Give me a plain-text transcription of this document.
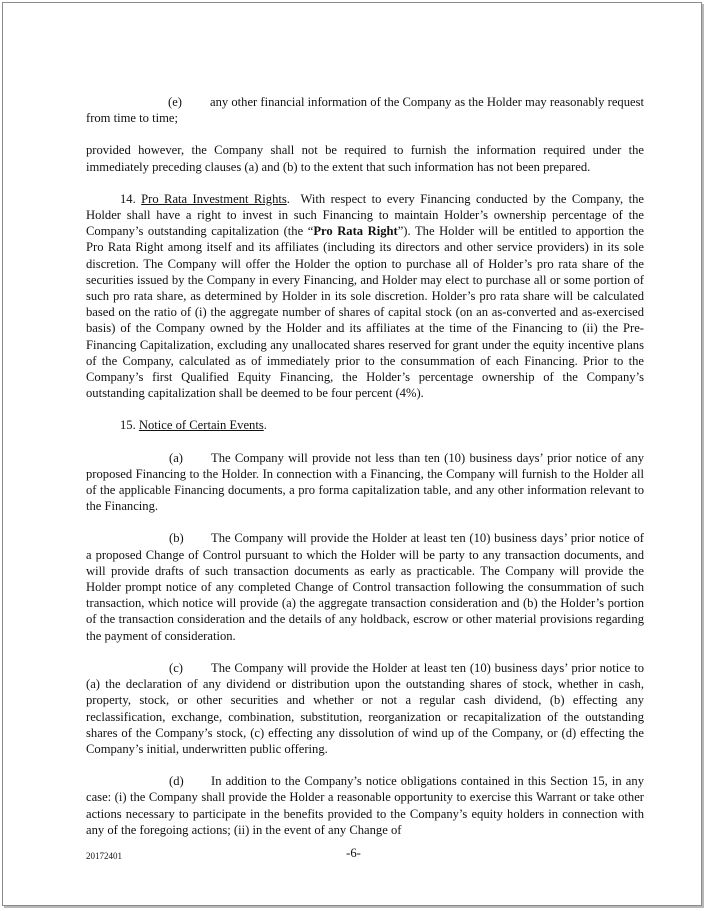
(e) any other financial information of the Company as the Holder may reasonably request from time to time;

provided however, the Company shall not be required to furnish the information required under the immediately preceding clauses (a) and (b) to the extent that such information has not been prepared.

14. Pro Rata Investment Rights. With respect to every Financing conducted by the Company, the Holder shall have a right to invest in such Financing to maintain Holder’s ownership percentage of the Company’s outstanding capitalization (the “Pro Rata Right”). The Holder will be entitled to apportion the Pro Rata Right among itself and its affiliates (including its directors and other service providers) in its sole discretion. The Company will offer the Holder the option to purchase all of Holder’s pro rata share of the securities issued by the Company in every Financing, and Holder may elect to purchase all or some portion of such pro rata share, as determined by Holder in its sole discretion. Holder’s pro rata share will be calculated based on the ratio of (i) the aggregate number of shares of capital stock (on an as-converted and as-exercised basis) of the Company owned by the Holder and its affiliates at the time of the Financing to (ii) the Pre-Financing Capitalization, excluding any unallocated shares reserved for grant under the equity incentive plans of the Company, calculated as of immediately prior to the consummation of each Financing. Prior to the Company’s first Qualified Equity Financing, the Holder’s percentage ownership of the Company’s outstanding capitalization shall be deemed to be four percent (4%).

15. Notice of Certain Events.

(a) The Company will provide not less than ten (10) business days’ prior notice of any proposed Financing to the Holder. In connection with a Financing, the Company will furnish to the Holder all of the applicable Financing documents, a pro forma capitalization table, and any other information relevant to the Financing.

(b) The Company will provide the Holder at least ten (10) business days’ prior notice of a proposed Change of Control pursuant to which the Holder will be party to any transaction documents, and will provide drafts of such transaction documents as early as practicable. The Company will provide the Holder prompt notice of any completed Change of Control transaction following the consummation of such transaction, which notice will provide (a) the aggregate transaction consideration and (b) the Holder’s portion of the transaction consideration and the details of any holdback, escrow or other material provisions regarding the payment of consideration.

(c) The Company will provide the Holder at least ten (10) business days’ prior notice to (a) the declaration of any dividend or distribution upon the outstanding shares of stock, whether in cash, property, stock, or other securities and whether or not a regular cash dividend, (b) effecting any reclassification, exchange, combination, substitution, reorganization or recapitalization of the outstanding shares of the Company’s stock, (c) effecting any dissolution of wind up of the Company, or (d) effecting the Company’s initial, underwritten public offering.

(d) In addition to the Company’s notice obligations contained in this Section 15, in any case: (i) the Company shall provide the Holder a reasonable opportunity to exercise this Warrant or take other actions necessary to participate in the benefits provided to the Company’s equity holders in connection with any of the foregoing actions; (ii) in the event of any Change of

20172401	-6-
